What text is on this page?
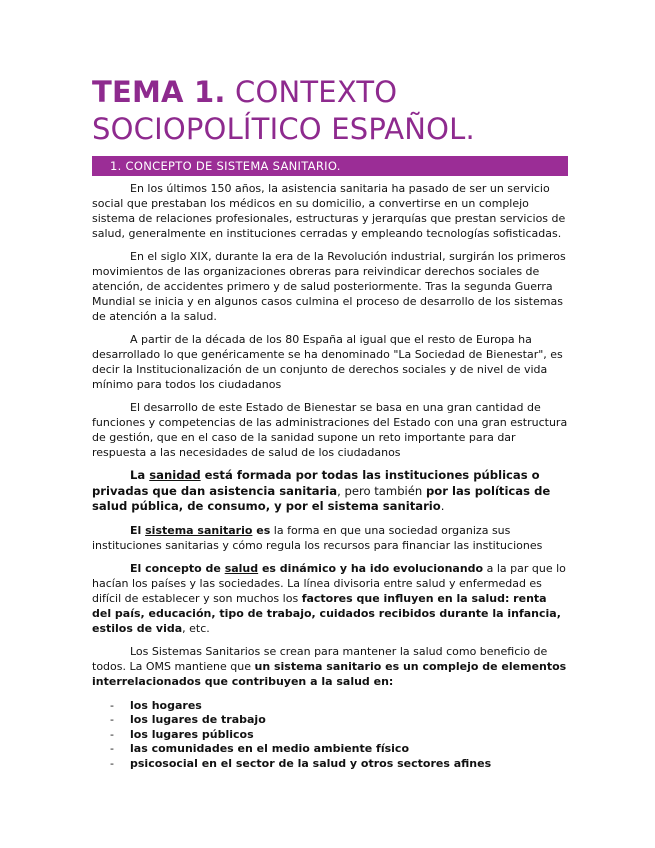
TEMA 1. CONTEXTO SOCIOPOLÍTICO ESPAÑOL.
1. CONCEPTO DE SISTEMA SANITARIO.

En los últimos 150 años, la asistencia sanitaria ha pasado de ser un servicio social que prestaban los médicos en su domicilio, a convertirse en un complejo sistema de relaciones profesionales, estructuras y jerarquías que prestan servicios de salud, generalmente en instituciones cerradas y empleando tecnologías sofisticadas.

En el siglo XIX, durante la era de la Revolución industrial, surgirán los primeros movimientos de las organizaciones obreras para reivindicar derechos sociales de atención, de accidentes primero y de salud posteriormente. Tras la segunda Guerra Mundial se inicia y en algunos casos culmina el proceso de desarrollo de los sistemas de atención a la salud.

A partir de la década de los 80 España al igual que el resto de Europa ha desarrollado lo que genéricamente se ha denominado "La Sociedad de Bienestar", es decir la Institucionalización de un conjunto de derechos sociales y de nivel de vida mínimo para todos los ciudadanos

El desarrollo de este Estado de Bienestar se basa en una gran cantidad de funciones y competencias de las administraciones del Estado con una gran estructura de gestión, que en el caso de la sanidad supone un reto importante para dar respuesta a las necesidades de salud de los ciudadanos

La sanidad está formada por todas las instituciones públicas o privadas que dan asistencia sanitaria, pero también por las políticas de salud pública, de consumo, y por el sistema sanitario.

El sistema sanitario es la forma en que una sociedad organiza sus instituciones sanitarias y cómo regula los recursos para financiar las instituciones

El concepto de salud es dinámico y ha ido evolucionando a la par que lo hacían los países y las sociedades. La línea divisoria entre salud y enfermedad es difícil de establecer y son muchos los factores que influyen en la salud: renta del país, educación, tipo de trabajo, cuidados recibidos durante la infancia, estilos de vida, etc.

Los Sistemas Sanitarios se crean para mantener la salud como beneficio de todos. La OMS mantiene que un sistema sanitario es un complejo de elementos interrelacionados que contribuyen a la salud en:

-	los hogares
-	los lugares de trabajo
-	los lugares públicos
-	las comunidades en el medio ambiente físico
-	psicosocial en el sector de la salud y otros sectores afines
